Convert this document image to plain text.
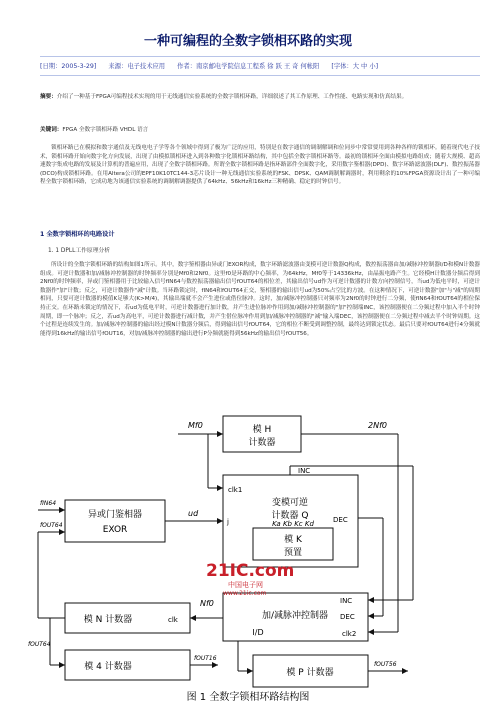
一种可编程的全数字锁相环路的实现
[日期：2005-3-29] 来源：电子技术应用 作者：南京邮电学院信息工程系 徐 跃 王 奇 何帐阳 [字体：大 中 小]
摘要：介绍了一种基于FPGA可编程技术实现的用于无线通信实验系统的全数字锁相环路，详细叙述了其工作原理、工作性能、电路实现和仿真结果。
关键词：FPGA 全数字锁相环路 VHDL 语言
锁相环路已在模拟和数字通信及无线电电子学等各个领域中得到了极为广泛的应用，特别是在数字通信的调制解调和位同步中常常要用到各种各样的锁相环。随着现代电子技术，锁相环路开始向数字化方向发展，出现了由模拟锁相环进入到各种数字化锁相环路结构，其中包括全数字锁相环路等。最初的锁相环全面由模拟电路组成；随着大规模、超高速数字集成电路的发展及计算机的普遍应用，出现了全数字锁相环路。所谓全数字锁相环路是指环路部件全面数字化，采用数字鉴相器(DPD)、数字环路滤波器(DLF)、数控振荡器(DCO)构成锁相环路。在用Altera公司的EPF10K10TC144-3芯片设计一种无线通信实验系统的FSK、DPSK、QAM调制解调器时，利用剩余的10%FPGA资源设计出了一种可编程全数字锁相环路，它成功地为该通信实验系统的调制解调器提供了64kHz、56kHz和16kHz三种精确、稳定的时钟信号。
1 全数字锁相环的电路设计
1. 1 DPLL工作原理分析
所设计的全数字锁相环路的结构如图1所示。其中，数字鉴相器由异或门EXOR构成，数字环路滤波器由变模可逆计数器Q构成，数控振荡器由加/减脉冲控制器I/D和模N计数器组成。可逆计数器和加/减脉冲控制器的时钟频率分别是Mf0和2Nf0。这里f0是环路的中心频率，为64kHz，Mf0等于14336kHz，由晶振电路产生。它经模H计数器分频后得到2Nf0的时钟频率，异或门鉴相器用于比较输入信号fIN64与数控振荡器输出信号fOUT64的相位差，其输出信号ud作为可逆计数器的计数方向控制信号，当ud为低电平时，可逆计数器作"加"计数；反之，可逆计数器作"减"计数。当环路锁定时，fIN64和fOUT64正交，鉴相器的输出信号ud为50%占空比的方波。在这种情况下，可逆计数器"加"与"减"的周期相同，只要可逆计数器的模值K足够大(K>M/4)，其输出端就不会产生进位或借位脉冲。这时，加/减脉冲控制器只对频率为2Nf0的时钟进行二分频，使fIN64和fOUT64的相位保持正交。在环路未锁定的情况下，若ud为低电平时，可逆计数器进行加计数，并产生进位脉冲作用到加/减脉冲控制器的"加"控制端INC，该控制器便在二分频过程中加入半个时钟周期，即一个脉冲；反之，若ud为高电平，可逆计数器进行减计数，并产生借位脉冲作用到加/减脉冲控制器的"减"输入端DEC，该控制器便在二分频过程中减去半个时钟周期。这个过程是连续发生的。加/减脉冲控制器的输出经过模N计数器分频后，得到输出信号fOUT64，它的相位不断受到调整控制，最终达到锁定状态。最后只要对fOUT64进行4分频就能得到16kHz的输出信号fOUT16，对加/减脉冲控制器的输出进行P分频就能得到56kHz的输出信号fOUT56。
模 H
计数器
变模可逆
计数器 Q
Ka Kb Kc Kd
模 K
预置
异或门鉴相器
EXOR
加/减脉冲控制器
I/D
模 N 计数器
模 4 计数器
模 P 计数器
clk1
INC
DEC
j
INC
DEC
clk2
clk
Mf0	2Nf0
Nf0
ud
fIN64
fOUT64
fOUT64
fOUT16
fOUT56
21IC.com
中国电子网
www.21ic.com
图 1 全数字锁相环路结构图
